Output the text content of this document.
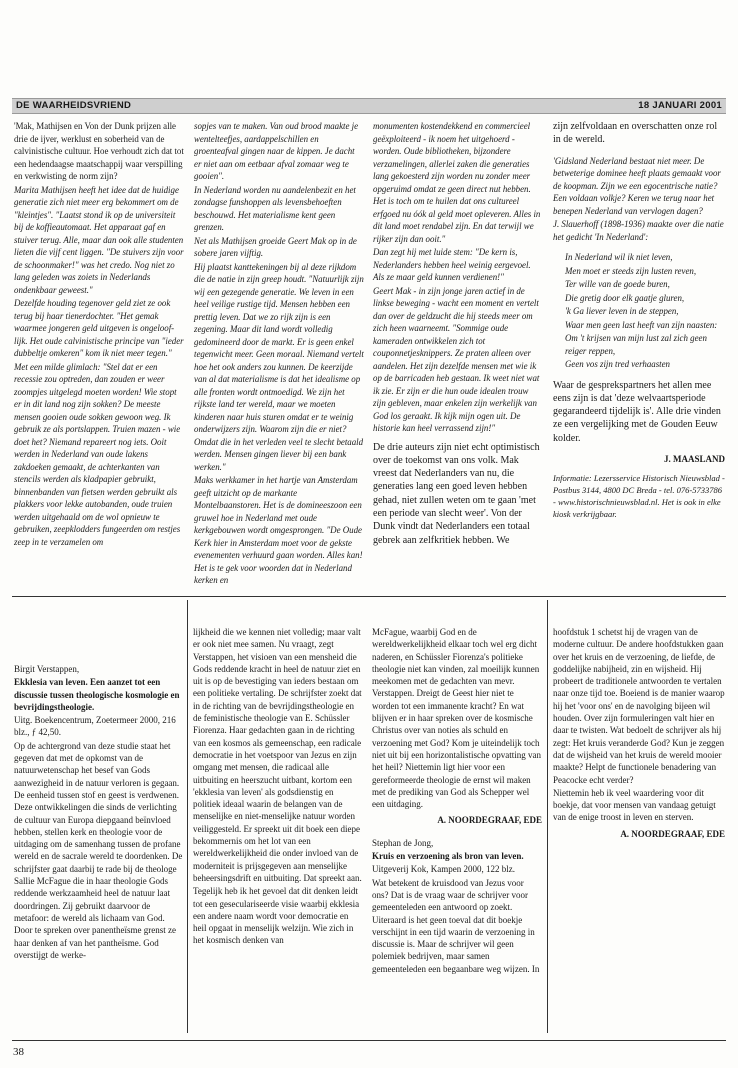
DE WAARHEIDSVRIEND	18 JANUARI 2001

'Mak, Mathijsen en Von der Dunk prijzen alle drie de ijver, werklust en soberheid van de calvinistische cultuur. Hoe verhoudt zich dat tot een hedendaagse maatschappij waar verspilling en verkwisting de norm zijn?

Marita Mathijsen heeft het idee dat de huidige generatie zich niet meer erg bekommert om de "kleintjes". "Laatst stond ik op de universiteit bij de koffieautomaat. Het apparaat gaf en stuiver terug. Alle, maar dan ook alle studenten lieten die vijf cent liggen. "De stuivers zijn voor de schoonmaker!" was het credo. Nog niet zo lang geleden was zoiets in Nederlands ondenkbaar geweest."

Dezelfde houding tegenover geld ziet ze ook terug bij haar tienerdochter. "Het gemak waarmee jongeren geld uitgeven is ongeloof-lijk. Het oude calvinistische principe van "ieder dubbeltje omkeren" kom ik niet meer tegen."

Met een milde glimlach: "Stel dat er een recessie zou optreden, dan zouden er weer zoompjes uitgelegd moeten worden! Wie stopt er in dit land nog zijn sokken? De meeste mensen gooien oude sokken gewoon weg. Ik gebruik ze als portslappen. Truien mazen - wie doet het? Niemand repareert nog iets. Ooit werden in Nederland van oude lakens zakdoeken gemaakt, de achterkanten van stencils werden als kladpapier gebruikt, binnenbanden van fietsen werden gebruikt als plakkers voor lekke autobanden, oude truien werden uitgehaald om de wol opnieuw te gebruiken, zeepklodders fungeerden om restjes zeep in te verzamelen om

sopjes van te maken. Van oud brood maakte je wentelteefjes, aardappelschillen en groenteafval gingen naar de kippen. Je dacht er niet aan om eetbaar afval zomaar weg te gooien".

In Nederland worden nu aandelenbezit en het zondagse funshoppen als levensbehoeften beschouwd. Het materialisme kent geen grenzen.

Net als Mathijsen groeide Geert Mak op in de sobere jaren vijftig.

Hij plaatst kanttekeningen bij al deze rijkdom die de natie in zijn greep houdt. "Natuurlijk zijn wij een gezegende generatie. We leven in een heel veilige rustige tijd. Mensen hebben een prettig leven. Dat we zo rijk zijn is een zegening. Maar dit land wordt volledig gedomineerd door de markt. Er is geen enkel tegenwicht meer. Geen moraal. Niemand vertelt hoe het ook anders zou kunnen. De keerzijde van al dat materialisme is dat het idealisme op alle fronten wordt ontmoedigd. We zijn het rijkste land ter wereld, maar we moeten kinderen naar huis sturen omdat er te weinig onderwijzers zijn. Waarom zijn die er niet? Omdat die in het verleden veel te slecht betaald werden. Mensen gingen liever bij een bank werken."

Maks werkkamer in het hartje van Amsterdam geeft uitzicht op de markante Montelbaanstoren. Het is de domineeszoon een gruwel hoe in Nederland met oude kerkgebouwen wordt omgesprongen. "De Oude Kerk hier in Amsterdam moet voor de gekste evenementen verhuurd gaan worden. Alles kan! Het is te gek voor woorden dat in Nederland kerken en

monumenten kostendekkend en commercieel geëxploiteerd - ik noem het uitgehoerd - worden. Oude bibliotheken, bijzondere verzamelingen, allerlei zaken die generaties lang gekoesterd zijn worden nu zonder meer opgeruimd omdat ze geen direct nut hebben. Het is toch om te huilen dat ons cultureel erfgoed nu óók al geld moet opleveren. Alles in dit land moet rendabel zijn. En dat terwijl we rijker zijn dan ooit."

Dan zegt hij met luide stem: "De kern is, Nederlanders hebben heel weinig eergevoel. Als ze maar geld kunnen verdienen!"

Geert Mak - in zijn jonge jaren actief in de linkse beweging - wacht een moment en vertelt dan over de geldzucht die hij steeds meer om zich heen waarneemt. "Sommige oude kameraden ontwikkelen zich tot couponnetjesknippers. Ze praten alleen over aandelen. Het zijn dezelfde mensen met wie ik op de barricaden heb gestaan. Ik weet niet wat ik zie. Er zijn er die hun oude idealen trouw zijn gebleven, maar enkelen zijn werkelijk van God los geraakt. Ik kijk mijn ogen uit. De historie kan heel verrassend zijn!"

De drie auteurs zijn niet echt optimistisch over de toekomst van ons volk. Mak vreest dat Nederlanders van nu, die generaties lang een goed leven hebben gehad, niet zullen weten om te gaan 'met een periode van slecht weer'. Von der Dunk vindt dat Nederlanders een totaal gebrek aan zelfkritiek hebben. We

zijn zelfvoldaan en overschatten onze rol in de wereld.

'Gidsland Nederland bestaat niet meer. De betweterige dominee heeft plaats gemaakt voor de koopman. Zijn we een egocentrische natie? Een voldaan volkje? Keren we terug naar het benepen Nederland van vervlogen dagen?

J. Slauerhoff (1898-1936) maakte over die natie het gedicht 'In Nederland':

In Nederland wil ik niet leven,
Men moet er steeds zijn lusten reven,
Ter wille van de goede buren,
Die gretig door elk gaatje gluren,
'k Ga liever leven in de steppen,
Waar men geen last heeft van zijn naasten:
Om 't krijsen van mijn lust zal zich geen reiger reppen,
Geen vos zijn tred verhaasten

Waar de gesprekspartners het allen mee eens zijn is dat 'deze welvaartsperiode gegarandeerd tijdelijk is'. Alle drie vinden ze een vergelijking met de Gouden Eeuw kolder.

J. MAASLAND
Informatie: Lezersservice Historisch Nieuwsblad - Postbus 3144, 4800 DC Breda - tel. 076-5733786 - www.historischnieuwsblad.nl. Het is ook in elke kiosk verkrijgbaar.

Birgit Verstappen,

Ekklesia van leven. Een aanzet tot een discussie tussen theologische kosmologie en bevrijdingstheologie.

Uitg. Boekencentrum, Zoetermeer 2000, 216 blz., ƒ 42,50.

Op de achtergrond van deze studie staat het gegeven dat met de opkomst van de natuurwetenschap het besef van Gods aanwezigheid in de natuur verloren is gegaan. De eenheid tussen stof en geest is verdwenen. Deze ontwikkelingen die sinds de verlichting de cultuur van Europa diepgaand beïnvloed hebben, stellen kerk en theologie voor de uitdaging om de samenhang tussen de profane wereld en de sacrale wereld te doordenken. De schrijfster gaat daarbij te rade bij de theologe Sallie McFague die in haar theologie Gods reddende werkzaamheid heel de natuur laat doordringen. Zij gebruikt daarvoor de metafoor: de wereld als lichaam van God. Door te spreken over panentheïsme grenst ze haar denken af van het pantheïsme. God overstijgt de werke-

lijkheid die we kennen niet volledig; maar valt er ook niet mee samen. Nu vraagt, zegt Verstappen, het visioen van een mensheid die Gods reddende kracht in heel de natuur ziet en uit is op de bevestiging van ieders bestaan om een politieke vertaling. De schrijfster zoekt dat in de richting van de bevrijdingstheologie en de feministische theologie van E. Schüssler Fiorenza. Haar gedachten gaan in de richting van een kosmos als gemeenschap, een radicale democratie in het voetspoor van Jezus en zijn omgang met mensen, die radicaal alle uitbuiting en heerszucht uitbant, kortom een 'ekklesia van leven' als godsdienstig en politiek ideaal waarin de belangen van de menselijke en niet-menselijke natuur worden veiliggesteld. Er spreekt uit dit boek een diepe bekommernis om het lot van een wereldwerkelijkheid die onder invloed van de moderniteit is prijsgegeven aan menselijke beheersingsdrift en uitbuiting. Dat spreekt aan.

Tegelijk heb ik het gevoel dat dit denken leidt tot een geseculariseerde visie waarbij ekklesia een andere naam wordt voor democratie en heil opgaat in menselijk welzijn. Wie zich in het kosmisch denken van

McFague, waarbij God en de wereldwerkelijkheid elkaar toch wel erg dicht naderen, en Schüssler Fiorenza's politieke theologie niet kan vinden, zal moeilijk kunnen meekomen met de gedachten van mevr. Verstappen. Dreigt de Geest hier niet te worden tot een immanente kracht? En wat blijven er in haar spreken over de kosmische Christus over van noties als schuld en verzoening met God? Kom je uiteindelijk toch niet uit bij een horizontalistische opvatting van het heil? Niettemin ligt hier voor een gereformeerde theologie de ernst wil maken met de prediking van God als Schepper wel een uitdaging.

A. NOORDEGRAAF, EDE

Stephan de Jong,

Kruis en verzoening als bron van leven.

Uitgeverij Kok, Kampen 2000, 122 blz.

Wat betekent de kruisdood van Jezus voor ons? Dat is de vraag waar de schrijver voor gemeenteleden een antwoord op zoekt. Uiteraard is het geen toeval dat dit boekje verschijnt in een tijd waarin de verzoening in discussie is. Maar de schrijver wil geen polemiek bedrijven, maar samen gemeenteleden een begaanbare weg wijzen. In

hoofdstuk 1 schetst hij de vragen van de moderne cultuur. De andere hoofdstukken gaan over het kruis en de verzoening, de liefde, de goddelijke nabijheid, zin en wijsheid. Hij probeert de traditionele antwoorden te vertalen naar onze tijd toe. Boeiend is de manier waarop hij het 'voor ons' en de navolging bijeen wil houden. Over zijn formuleringen valt hier en daar te twisten. Wat bedoelt de schrijver als hij zegt: Het kruis veranderde God? Kun je zeggen dat de wijsheid van het kruis de wereld mooier maakte? Helpt de functionele benadering van Peacocke echt verder?

Niettemin heb ik veel waardering voor dit boekje, dat voor mensen van vandaag getuigt van de enige troost in leven en sterven.

A. NOORDEGRAAF, EDE
38
